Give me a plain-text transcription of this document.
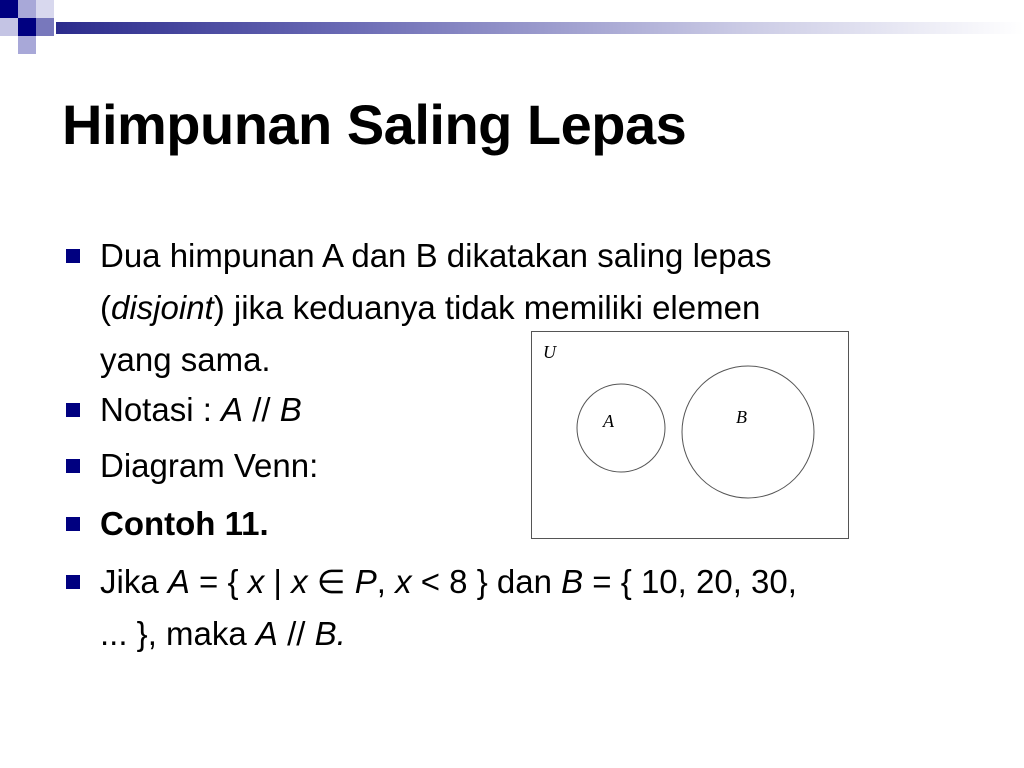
Himpunan Saling Lepas
Dua himpunan A dan B dikatakan saling lepas
(disjoint) jika keduanya tidak memiliki elemen
yang sama.
Notasi : A // B
Diagram Venn:
Contoh 11.
Jika A = { x | x ∈ P, x < 8 } dan B = { 10, 20, 30,
... }, maka A // B.
U
A	B
